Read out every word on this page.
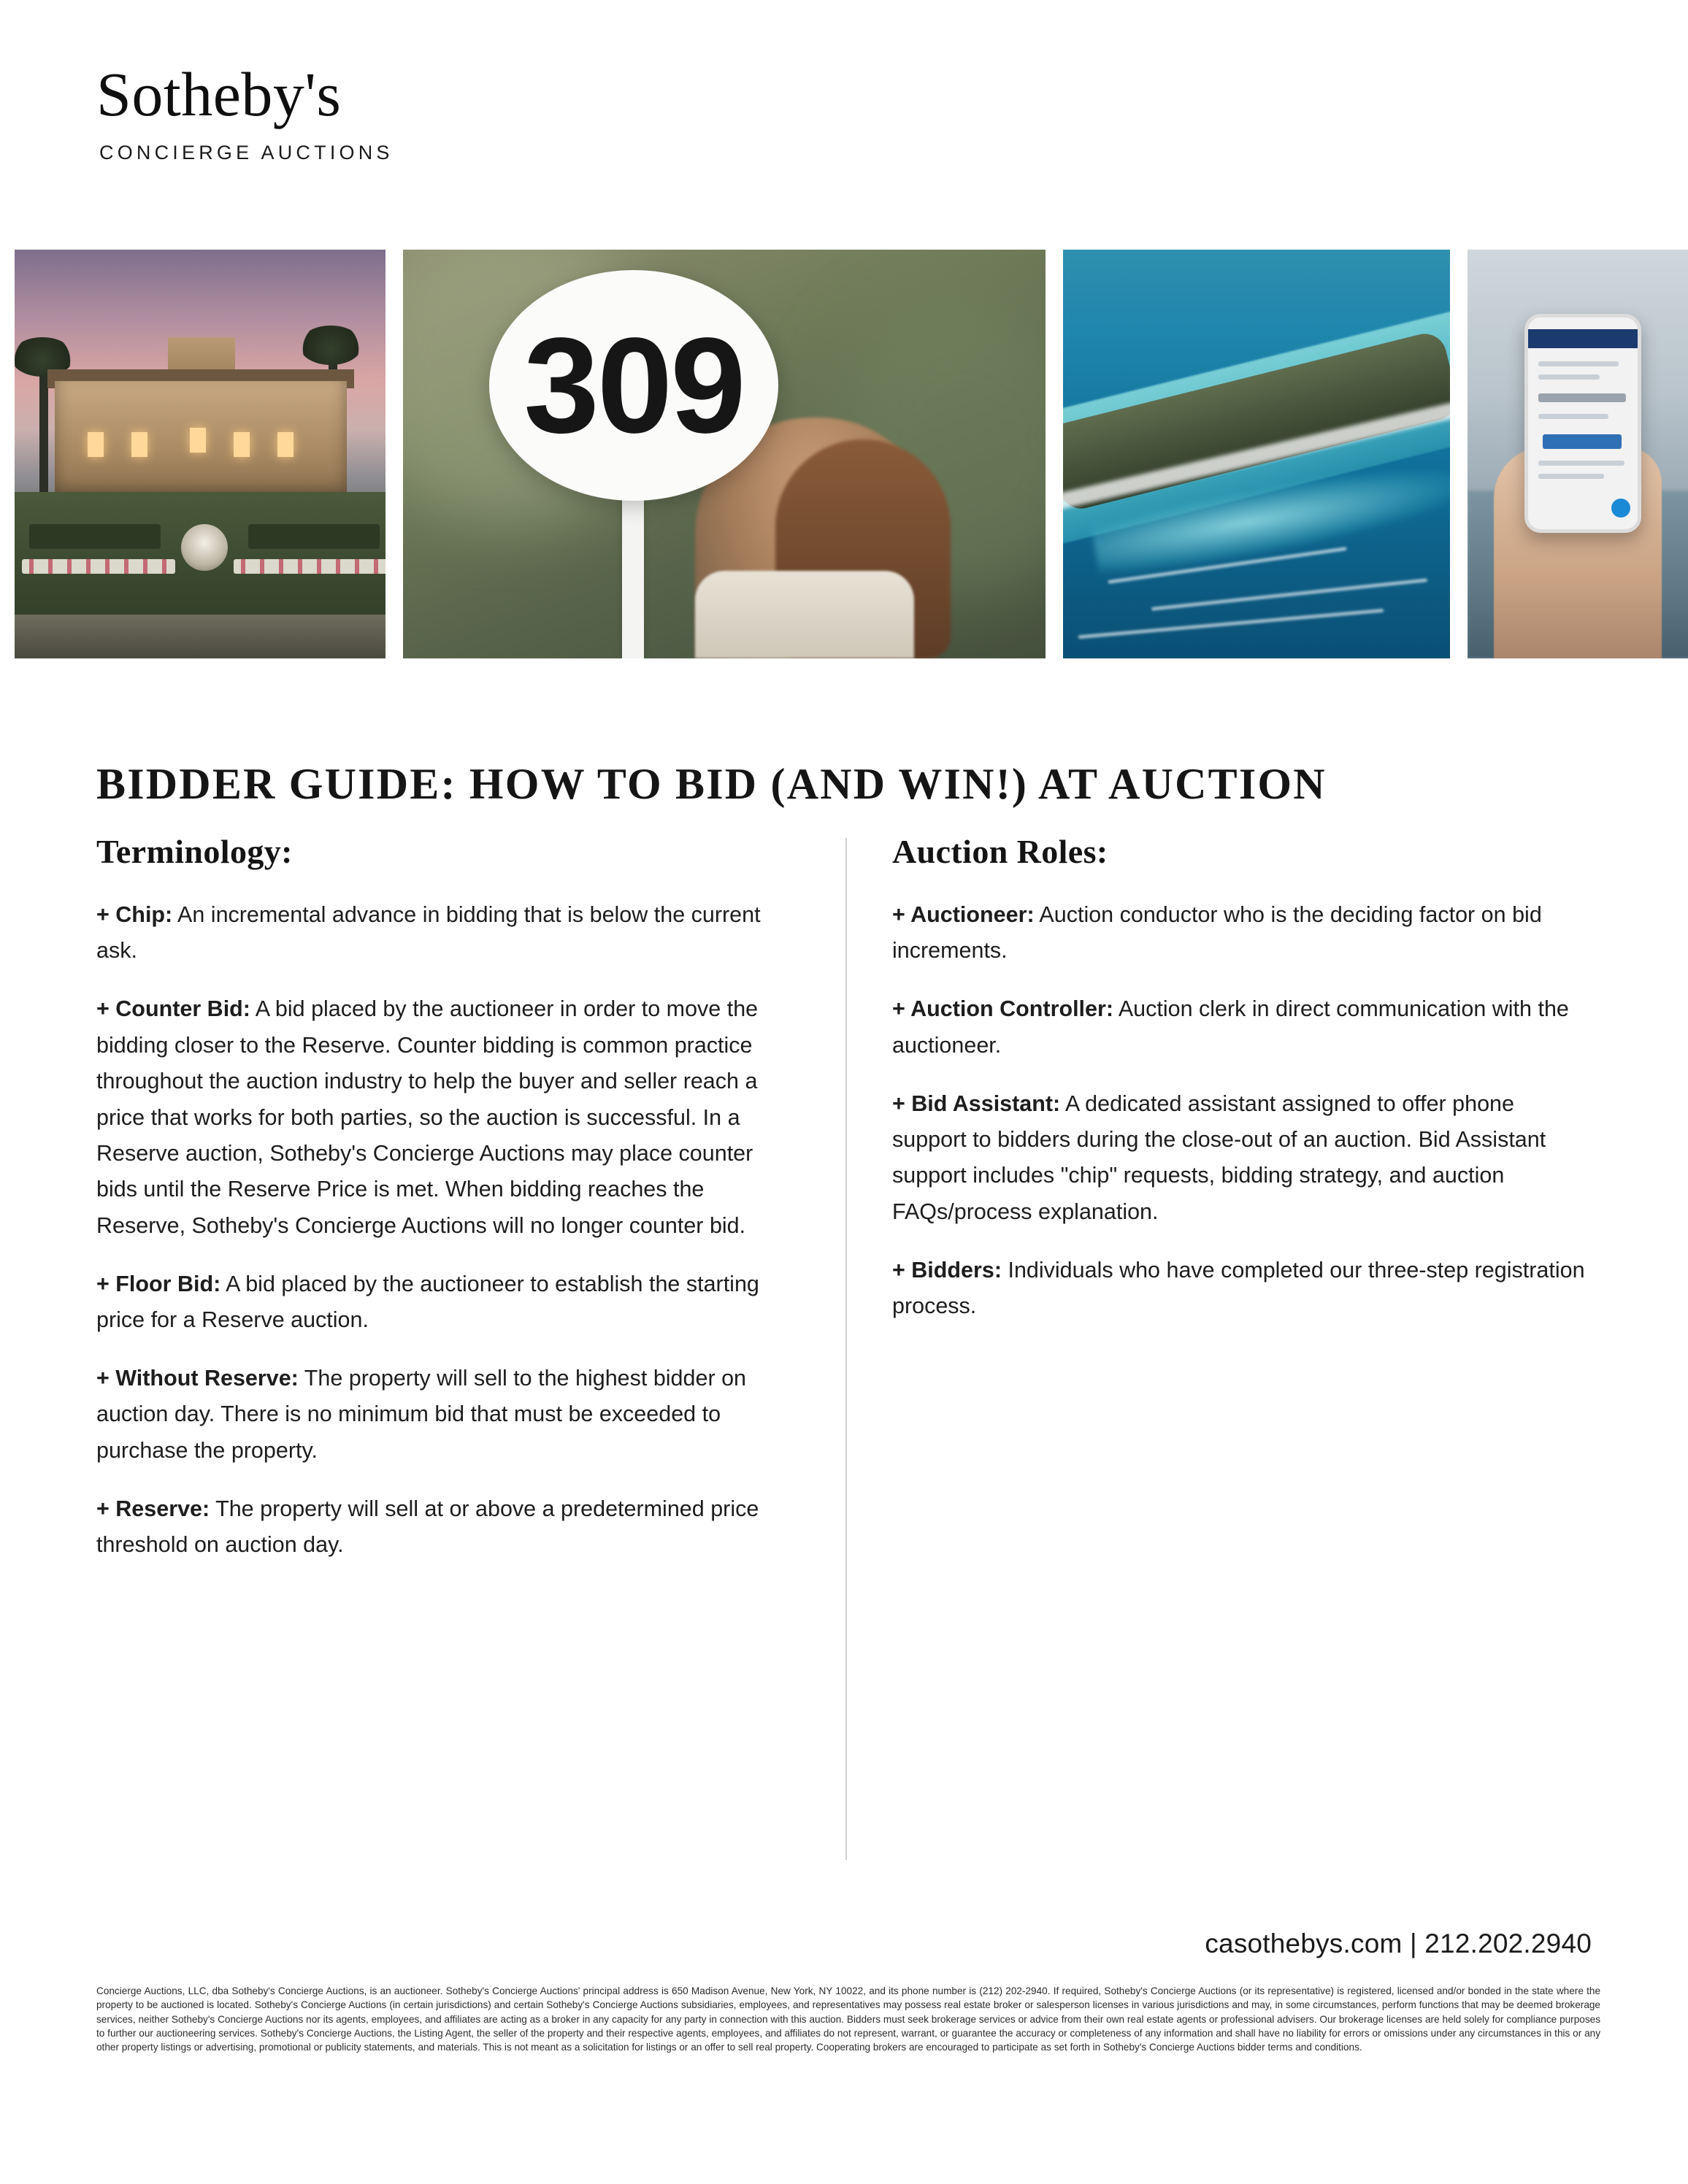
Sotheby's
CONCIERGE AUCTIONS
309
BIDDER GUIDE: HOW TO BID (AND WIN!) AT AUCTION
Terminology:

+ Chip: An incremental advance in bidding that is below the current ask.

+ Counter Bid: A bid placed by the auctioneer in order to move the bidding closer to the Reserve. Counter bidding is common practice throughout the auction industry to help the buyer and seller reach a price that works for both parties, so the auction is successful. In a Reserve auction, Sotheby's Concierge Auctions may place counter bids until the Reserve Price is met. When bidding reaches the Reserve, Sotheby's Concierge Auctions will no longer counter bid.

+ Floor Bid: A bid placed by the auctioneer to establish the starting price for a Reserve auction.

+ Without Reserve: The property will sell to the highest bidder on auction day. There is no minimum bid that must be exceeded to purchase the property.

+ Reserve: The property will sell at or above a predetermined price threshold on auction day.

Auction Roles:

+ Auctioneer: Auction conductor who is the deciding factor on bid increments.

+ Auction Controller: Auction clerk in direct communication with the auctioneer.

+ Bid Assistant: A dedicated assistant assigned to offer phone support to bidders during the close-out of an auction. Bid Assistant support includes "chip" requests, bidding strategy, and auction FAQs/process explanation.

+ Bidders: Individuals who have completed our three-step registration process.

casothebys.com | 212.202.2940
Concierge Auctions, LLC, dba Sotheby's Concierge Auctions, is an auctioneer. Sotheby's Concierge Auctions' principal address is 650 Madison Avenue, New York, NY 10022, and its phone number is (212) 202-2940. If required, Sotheby's Concierge Auctions (or its representative) is registered, licensed and/or bonded in the state where the property to be auctioned is located. Sotheby's Concierge Auctions (in certain jurisdictions) and certain Sotheby's Concierge Auctions subsidiaries, employees, and representatives may possess real estate broker or salesperson licenses in various jurisdictions and may, in some circumstances, perform functions that may be deemed brokerage services, neither Sotheby's Concierge Auctions nor its agents, employees, and affiliates are acting as a broker in any capacity for any party in connection with this auction. Bidders must seek brokerage services or advice from their own real estate agents or professional advisers. Our brokerage licenses are held solely for compliance purposes to further our auctioneering services. Sotheby's Concierge Auctions, the Listing Agent, the seller of the property and their respective agents, employees, and affiliates do not represent, warrant, or guarantee the accuracy or completeness of any information and shall have no liability for errors or omissions under any circumstances in this or any other property listings or advertising, promotional or publicity statements, and materials. This is not meant as a solicitation for listings or an offer to sell real property. Cooperating brokers are encouraged to participate as set forth in Sotheby's Concierge Auctions bidder terms and conditions.
